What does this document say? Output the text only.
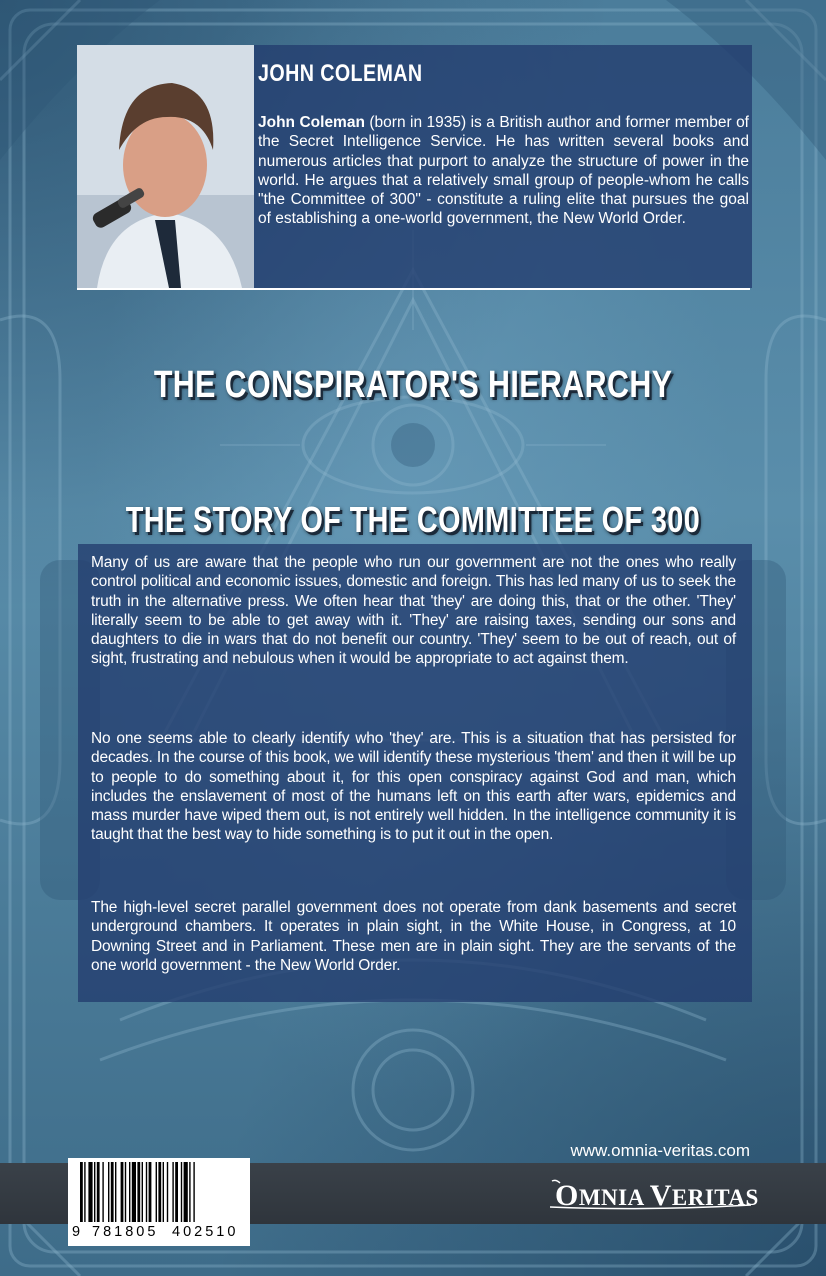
JOHN COLEMAN
John Coleman (born in 1935) is a British author and former member of the Secret Intelligence Service. He has written several books and numerous articles that purport to analyze the structure of power in the world. He argues that a relatively small group of people-whom he calls "the Committee of 300" - constitute a ruling elite that pursues the goal of establishing a one-world government, the New World Order.
THE CONSPIRATOR'S HIERARCHY
THE STORY OF THE COMMITTEE OF 300
Many of us are aware that the people who run our government are not the ones who really control political and economic issues, domestic and foreign. This has led many of us to seek the truth in the alternative press. We often hear that 'they' are doing this, that or the other. 'They' literally seem to be able to get away with it. 'They' are raising taxes, sending our sons and daughters to die in wars that do not benefit our country. 'They' seem to be out of reach, out of sight, frustrating and nebulous when it would be appropriate to act against them.
No one seems able to clearly identify who 'they' are. This is a situation that has persisted for decades. In the course of this book, we will identify these mysterious 'them' and then it will be up to people to do something about it, for this open conspiracy against God and man, which includes the enslavement of most of the humans left on this earth after wars, epidemics and mass murder have wiped them out, is not entirely well hidden. In the intelligence community it is taught that the best way to hide something is to put it out in the open.
The high-level secret parallel government does not operate from dank basements and secret underground chambers. It operates in plain sight, in the White House, in Congress, at 10 Downing Street and in Parliament. These men are in plain sight. They are the servants of the one world government - the New World Order.
www.omnia-veritas.com
9 781805 402510
OMNIA VERITAS
